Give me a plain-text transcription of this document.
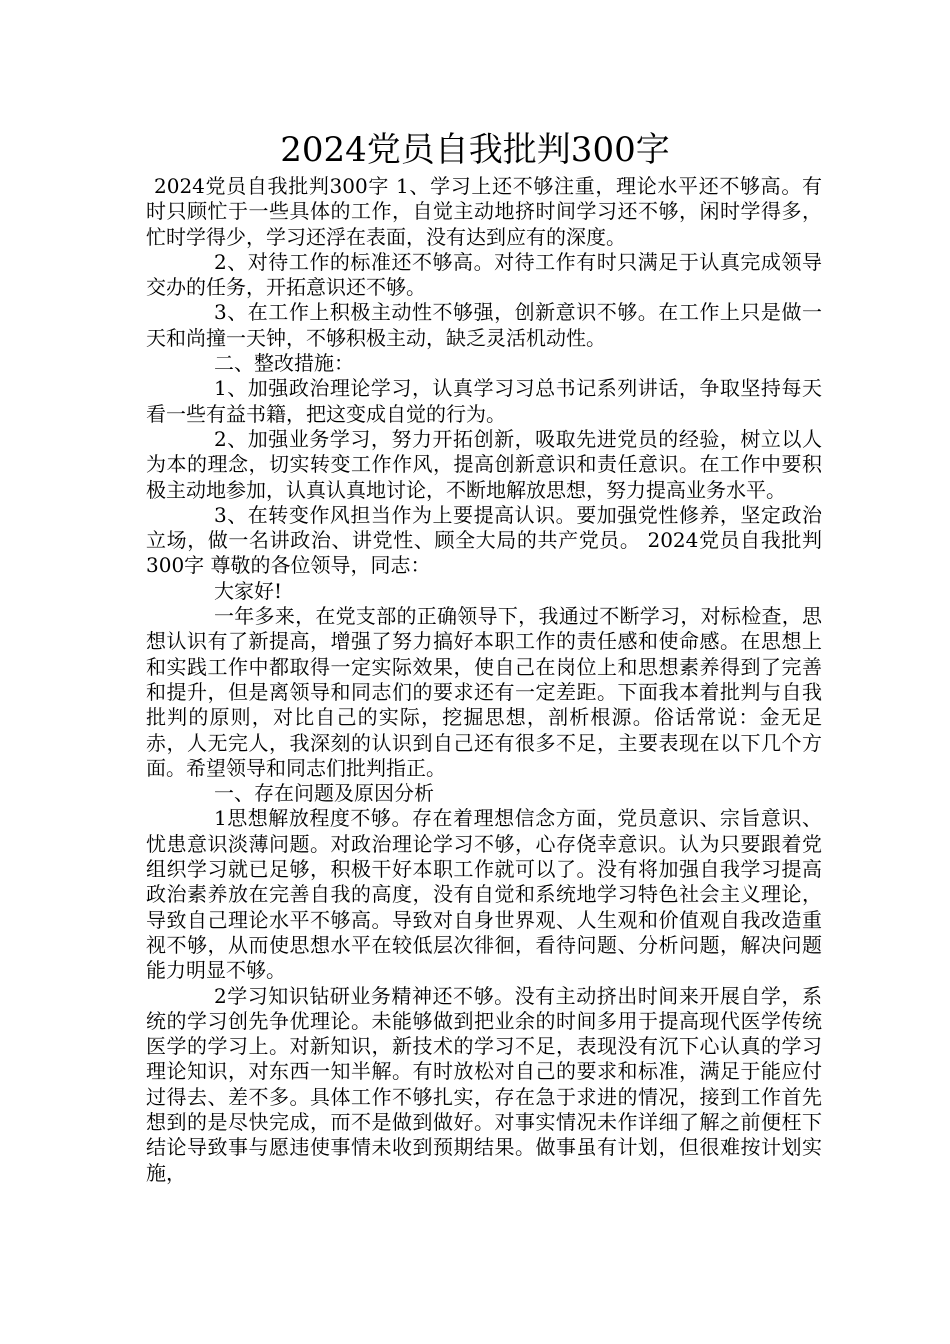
2024党员自我批判300字

2024党员自我批判300字 1、学习上还不够注重，理论水平还不够高。有时只顾忙于一些具体的工作，自觉主动地挤时间学习还不够，闲时学得多，忙时学得少，学习还浮在表面，没有达到应有的深度。

2、对待工作的标准还不够高。对待工作有时只满足于认真完成领导交办的任务，开拓意识还不够。

3、在工作上积极主动性不够强，创新意识不够。在工作上只是做一天和尚撞一天钟，不够积极主动，缺乏灵活机动性。

二、整改措施：

1、加强政治理论学习，认真学习习总书记系列讲话，争取坚持每天看一些有益书籍，把这变成自觉的行为。

2、加强业务学习，努力开拓创新，吸取先进党员的经验，树立以人为本的理念，切实转变工作作风，提高创新意识和责任意识。在工作中要积极主动地参加，认真认真地讨论，不断地解放思想，努力提高业务水平。

3、在转变作风担当作为上要提高认识。要加强党性修养，坚定政治立场，做一名讲政治、讲党性、顾全大局的共产党员。 2024党员自我批判300字 尊敬的各位领导，同志：

大家好!

一年多来，在党支部的正确领导下，我通过不断学习，对标检查，思想认识有了新提高，增强了努力搞好本职工作的责任感和使命感。在思想上和实践工作中都取得一定实际效果，使自己在岗位上和思想素养得到了完善和提升，但是离领导和同志们的要求还有一定差距。下面我本着批判与自我批判的原则，对比自己的实际，挖掘思想，剖析根源。俗话常说：金无足赤，人无完人，我深刻的认识到自己还有很多不足，主要表现在以下几个方面。希望领导和同志们批判指正。

一、存在问题及原因分析

1思想解放程度不够。存在着理想信念方面，党员意识、宗旨意识、忧患意识淡薄问题。对政治理论学习不够，心存侥幸意识。认为只要跟着党组织学习就已足够，积极干好本职工作就可以了。没有将加强自我学习提高政治素养放在完善自我的高度，没有自觉和系统地学习特色社会主义理论，导致自己理论水平不够高。导致对自身世界观、人生观和价值观自我改造重视不够，从而使思想水平在较低层次徘徊，看待问题、分析问题，解决问题能力明显不够。

2学习知识钻研业务精神还不够。没有主动挤出时间来开展自学，系统的学习创先争优理论。未能够做到把业余的时间多用于提高现代医学传统医学的学习上。对新知识，新技术的学习不足，表现没有沉下心认真的学习理论知识，对东西一知半解。有时放松对自己的要求和标准，满足于能应付过得去、差不多。具体工作不够扎实，存在急于求进的情况，接到工作首先想到的是尽快完成，而不是做到做好。对事实情况未作详细了解之前便枉下结论导致事与愿违使事情未收到预期结果。做事虽有计划，但很难按计划实施，
